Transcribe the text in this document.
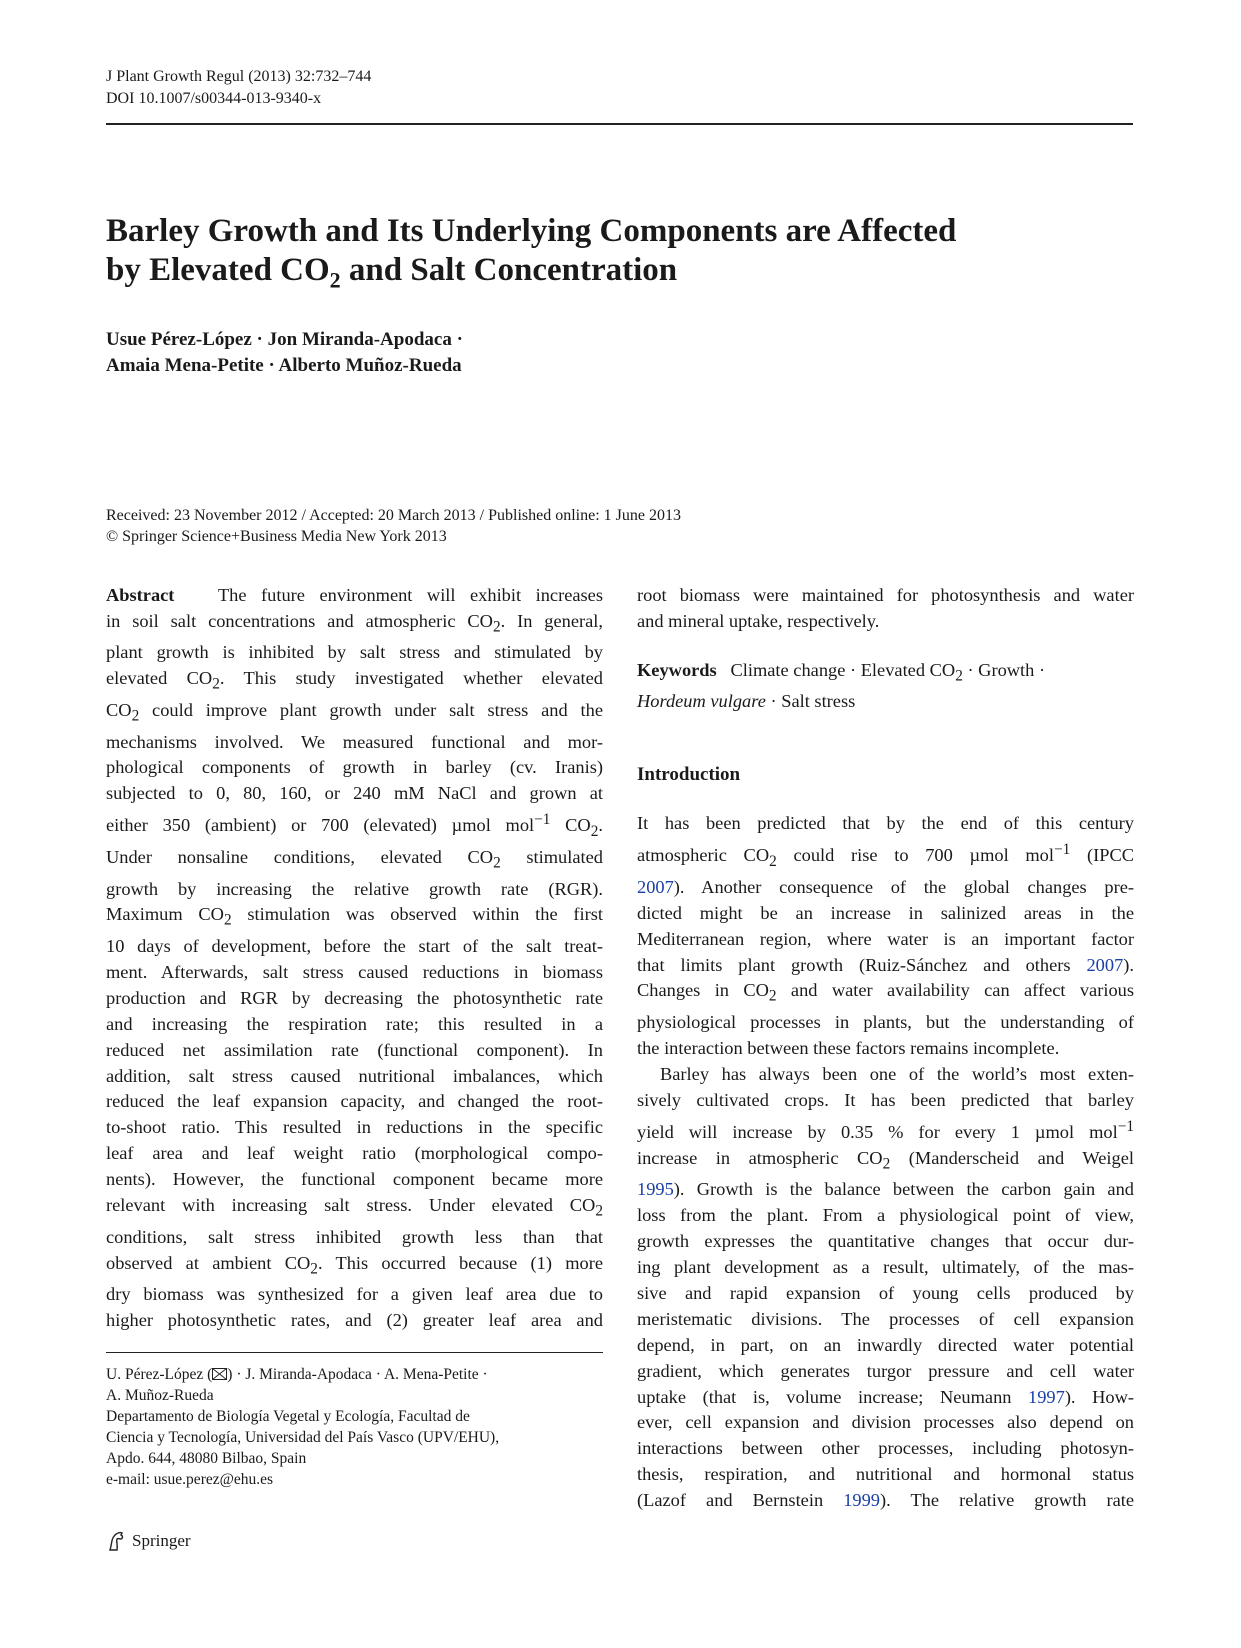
J Plant Growth Regul (2013) 32:732–744
DOI 10.1007/s00344-013-9340-x
Barley Growth and Its Underlying Components are Affected
by Elevated $CO_2$ and Salt Concentration
Usue Pérez-López · Jon Miranda-Apodaca ·
Amaia Mena-Petite · Alberto Muñoz-Rueda
Received: 23 November 2012 / Accepted: 20 March 2013 / Published online: 1 June 2013
© Springer Science+Business Media New York 2013
Abstract The future environment will exhibit increases
in soil salt concentrations and atmospheric $CO_2$. In general,
plant growth is inhibited by salt stress and stimulated by
elevated $CO_2$. This study investigated whether elevated
$CO_2$ could improve plant growth under salt stress and the
mechanisms involved. We measured functional and mor-
phological components of growth in barley (cv. Iranis)
subjected to 0, 80, 160, or 240 mM NaCl and grown at
either 350 (ambient) or 700 (elevated) µmol mol$^{-1}$ $CO_2$.
Under nonsaline conditions, elevated $CO_2$ stimulated
growth by increasing the relative growth rate (RGR).
Maximum $CO_2$ stimulation was observed within the first
10 days of development, before the start of the salt treat-
ment. Afterwards, salt stress caused reductions in biomass
production and RGR by decreasing the photosynthetic rate
and increasing the respiration rate; this resulted in a
reduced net assimilation rate (functional component). In
addition, salt stress caused nutritional imbalances, which
reduced the leaf expansion capacity, and changed the root-
to-shoot ratio. This resulted in reductions in the specific
leaf area and leaf weight ratio (morphological compo-
nents). However, the functional component became more
relevant with increasing salt stress. Under elevated $CO_2$
conditions, salt stress inhibited growth less than that
observed at ambient $CO_2$. This occurred because (1) more
dry biomass was synthesized for a given leaf area due to
higher photosynthetic rates, and (2) greater leaf area and
root biomass were maintained for photosynthesis and water
and mineral uptake, respectively.
Keywords Climate change · Elevated $CO_2$ · Growth ·
Hordeum vulgare · Salt stress
Introduction
It has been predicted that by the end of this century
atmospheric $CO_2$ could rise to 700 µmol mol$^{-1}$ (IPCC
2007). Another consequence of the global changes pre-
dicted might be an increase in salinized areas in the
Mediterranean region, where water is an important factor
that limits plant growth (Ruiz-Sánchez and others 2007).
Changes in $CO_2$ and water availability can affect various
physiological processes in plants, but the understanding of
the interaction between these factors remains incomplete.
Barley has always been one of the world’s most exten-
sively cultivated crops. It has been predicted that barley
yield will increase by 0.35 % for every 1 µmol mol$^{-1}$
increase in atmospheric $CO_2$ (Manderscheid and Weigel
1995). Growth is the balance between the carbon gain and
loss from the plant. From a physiological point of view,
growth expresses the quantitative changes that occur dur-
ing plant development as a result, ultimately, of the mas-
sive and rapid expansion of young cells produced by
meristematic divisions. The processes of cell expansion
depend, in part, on an inwardly directed water potential
gradient, which generates turgor pressure and cell water
uptake (that is, volume increase; Neumann 1997). How-
ever, cell expansion and division processes also depend on
interactions between other processes, including photosyn-
thesis, respiration, and nutritional and hormonal status
(Lazof and Bernstein 1999). The relative growth rate
U. Pérez-López ( ) · J. Miranda-Apodaca · A. Mena-Petite ·
A. Muñoz-Rueda
Departamento de Biología Vegetal y Ecología, Facultad de
Ciencia y Tecnología, Universidad del País Vasco (UPV/EHU),
Apdo. 644, 48080 Bilbao, Spain
e-mail: usue.perez@ehu.es
Springer
